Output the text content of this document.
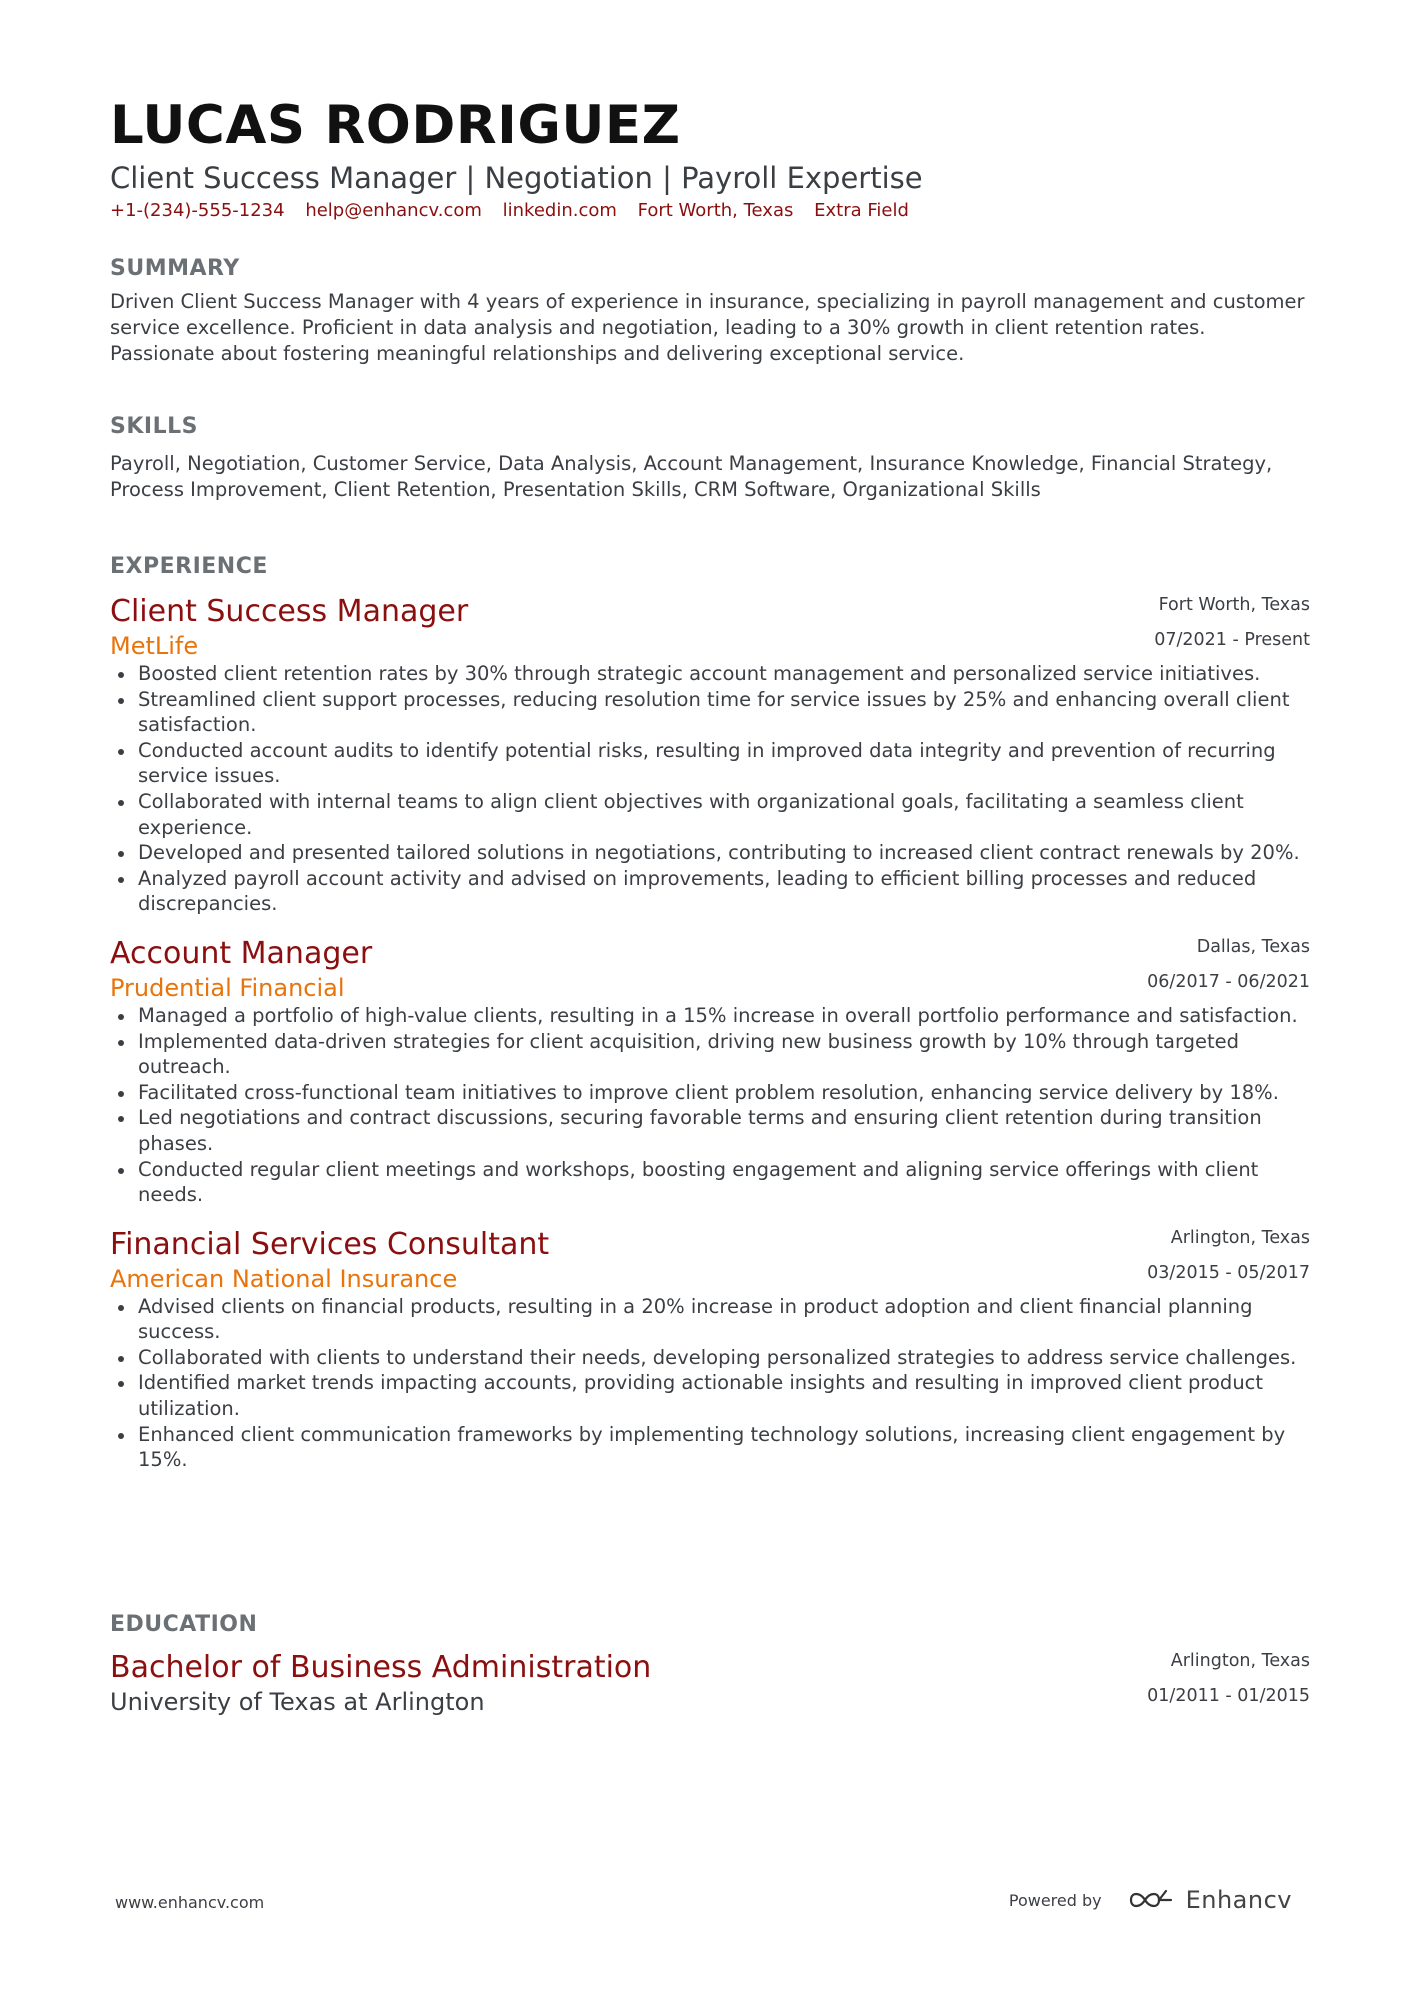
LUCAS RODRIGUEZ
Client Success Manager | Negotiation | Payroll Expertise
+1-(234)-555-1234 help@enhancv.com linkedin.com Fort Worth, Texas Extra Field
SUMMARY
Driven Client Success Manager with 4 years of experience in insurance, specializing in payroll management and customer service excellence. Proficient in data analysis and negotiation, leading to a 30% growth in client retention rates. Passionate about fostering meaningful relationships and delivering exceptional service.
SKILLS
Payroll, Negotiation, Customer Service, Data Analysis, Account Management, Insurance Knowledge, Financial Strategy, Process Improvement, Client Retention, Presentation Skills, CRM Software, Organizational Skills
EXPERIENCE
Client Success Manager
MetLife
Fort Worth, Texas
07/2021 - Present
Boosted client retention rates by 30% through strategic account management and personalized service initiatives.
Streamlined client support processes, reducing resolution time for service issues by 25% and enhancing overall client satisfaction.
Conducted account audits to identify potential risks, resulting in improved data integrity and prevention of recurring service issues.
Collaborated with internal teams to align client objectives with organizational goals, facilitating a seamless client experience.
Developed and presented tailored solutions in negotiations, contributing to increased client contract renewals by 20%.
Analyzed payroll account activity and advised on improvements, leading to efficient billing processes and reduced discrepancies.
Account Manager
Prudential Financial
Dallas, Texas
06/2017 - 06/2021
Managed a portfolio of high-value clients, resulting in a 15% increase in overall portfolio performance and satisfaction.
Implemented data-driven strategies for client acquisition, driving new business growth by 10% through targeted outreach.
Facilitated cross-functional team initiatives to improve client problem resolution, enhancing service delivery by 18%.
Led negotiations and contract discussions, securing favorable terms and ensuring client retention during transition phases.
Conducted regular client meetings and workshops, boosting engagement and aligning service offerings with client needs.
Financial Services Consultant
American National Insurance
Arlington, Texas
03/2015 - 05/2017
Advised clients on financial products, resulting in a 20% increase in product adoption and client financial planning success.
Collaborated with clients to understand their needs, developing personalized strategies to address service challenges.
Identified market trends impacting accounts, providing actionable insights and resulting in improved client product utilization.
Enhanced client communication frameworks by implementing technology solutions, increasing client engagement by 15%.
EDUCATION
Bachelor of Business Administration
University of Texas at Arlington
Arlington, Texas
01/2011 - 01/2015
www.enhancv.com	Powered by	Enhancv
